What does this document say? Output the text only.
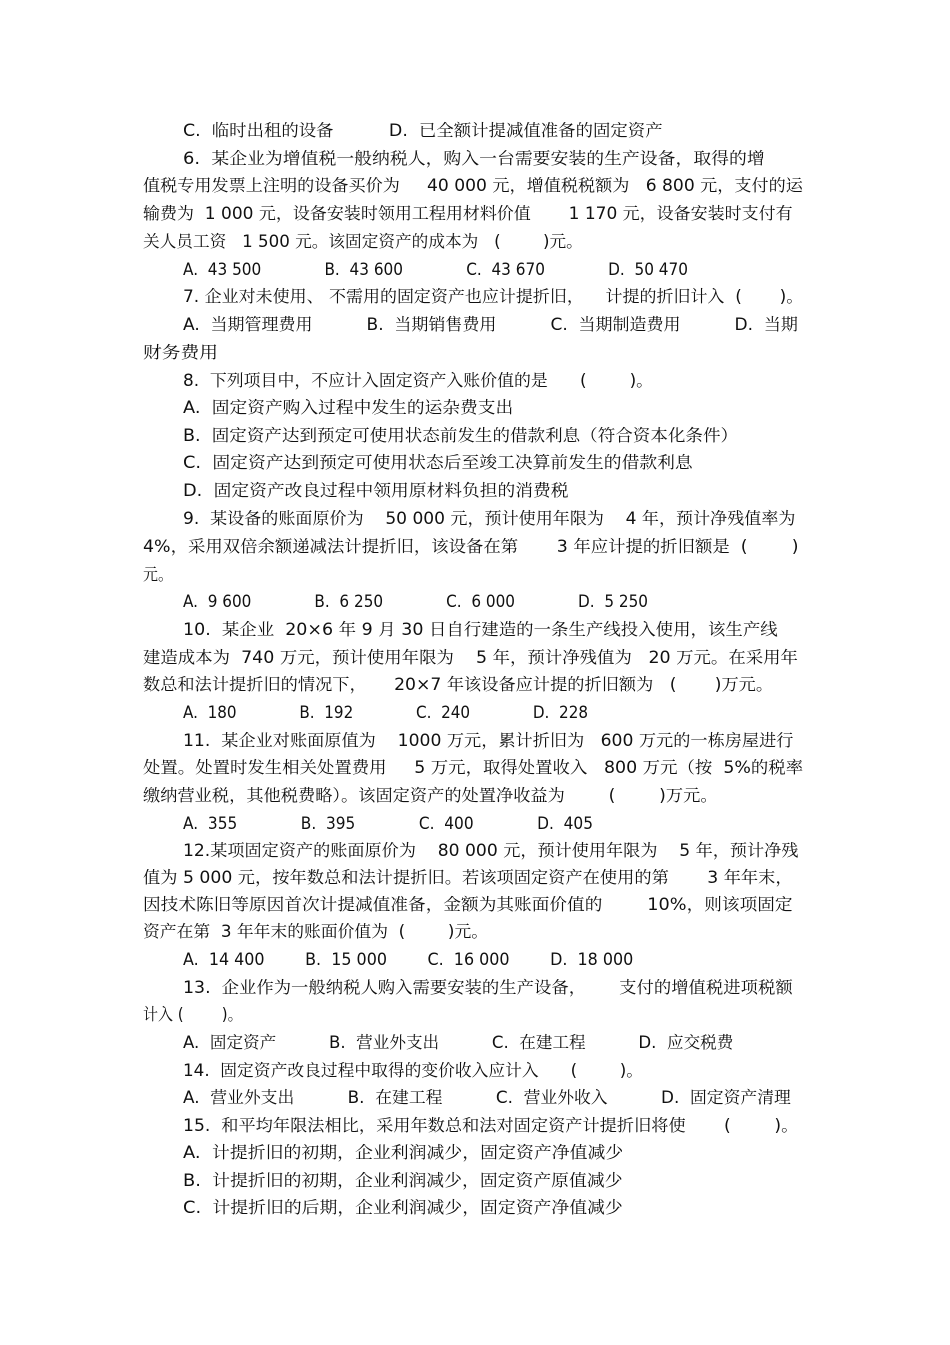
C.  临时出租的设备          D.  已全额计提减值准备的固定资产
6.  某企业为增值税一般纳税人，购入一台需要安装的生产设备，取得的增
值税专用发票上注明的设备买价为     40 000 元，增值税税额为   6 800 元，支付的运
输费为  1 000 元，设备安装时领用工程用材料价值       1 170 元，设备安装时支付有
关人员工资   1 500 元。该固定资产的成本为   (        )元。
A.  43 500             B.  43 600             C.  43 670             D.  50 470
7. 企业对未使用、 不需用的固定资产也应计提折旧，    计提的折旧计入  (       )。
A.  当期管理费用          B.  当期销售费用          C.  当期制造费用          D.  当期
财务费用
8.  下列项目中，不应计入固定资产入账价值的是      (        )。
A.  固定资产购入过程中发生的运杂费支出
B.  固定资产达到预定可使用状态前发生的借款利息（符合资本化条件）
C.  固定资产达到预定可使用状态后至竣工决算前发生的借款利息
D.  固定资产改良过程中领用原材料负担的消费税
9.  某设备的账面原价为    50 000 元，预计使用年限为    4 年，预计净残值率为
4%，采用双倍余额递减法计提折旧，该设备在第       3 年应计提的折旧额是  (        )
元。
A.  9 600             B.  6 250             C.  6 000             D.  5 250
10.  某企业  20×6 年 9 月 30 日自行建造的一条生产线投入使用，该生产线
建造成本为  740 万元，预计使用年限为    5 年，预计净残值为   20 万元。在采用年
数总和法计提折旧的情况下，     20×7 年该设备应计提的折旧额为   (       )万元。
A.  180             B.  192             C.  240             D.  228
11.  某企业对账面原值为    1000 万元，累计折旧为   600 万元的一栋房屋进行
处置。处置时发生相关处置费用     5 万元，取得处置收入   800 万元（按  5%的税率
缴纳营业税，其他税费略）。该固定资产的处置净收益为        (        )万元。
A.  355             B.  395             C.  400             D.  405
12.某项固定资产的账面原价为    80 000 元，预计使用年限为    5 年，预计净残
值为 5 000 元，按年数总和法计提折旧。若该项固定资产在使用的第       3 年年末，
因技术陈旧等原因首次计提减值准备，金额为其账面价值的        10%，则该项固定
资产在第  3 年年末的账面价值为  (        )元。
A.  14 400        B.  15 000        C.  16 000        D.  18 000
13.  企业作为一般纳税人购入需要安装的生产设备，      支付的增值税进项税额
计入 (        )。
A.  固定资产          B.  营业外支出          C.  在建工程          D.  应交税费
14.  固定资产改良过程中取得的变价收入应计入      (        )。
A.  营业外支出          B.  在建工程          C.  营业外收入          D.  固定资产清理
15.  和平均年限法相比，采用年数总和法对固定资产计提折旧将使       (        )。
A.  计提折旧的初期，企业利润减少，固定资产净值减少
B.  计提折旧的初期，企业利润减少，固定资产原值减少
C.  计提折旧的后期，企业利润减少，固定资产净值减少
